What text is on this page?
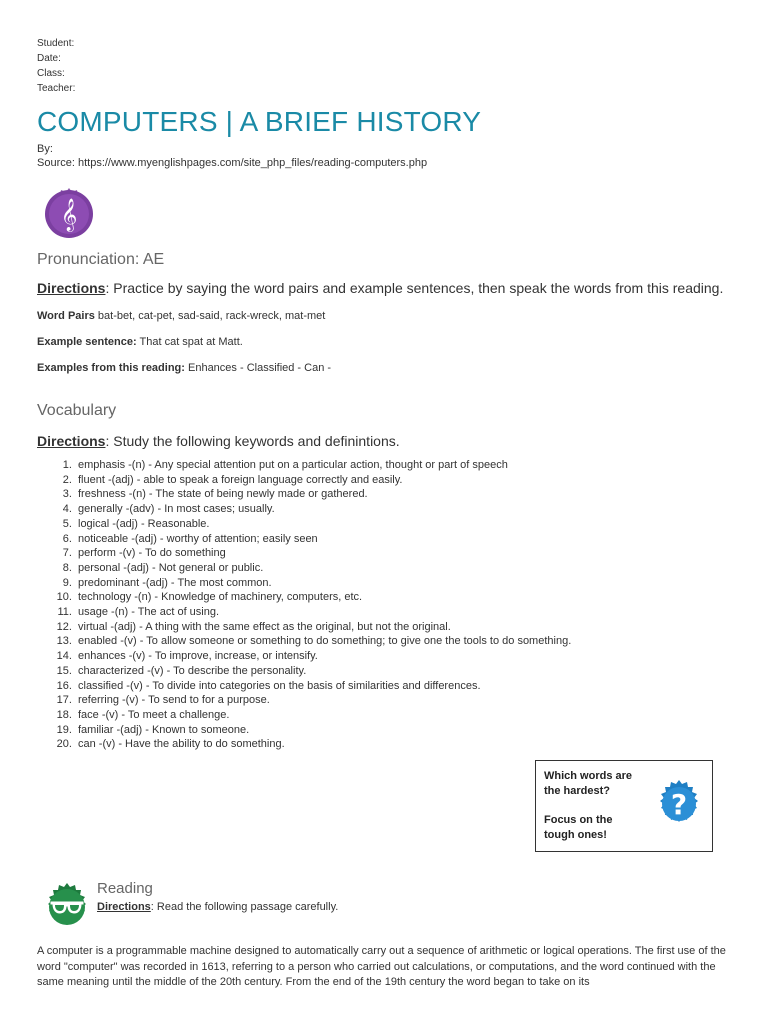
Student:
Date:
Class:
Teacher:
COMPUTERS | A BRIEF HISTORY
By:
Source: https://www.myenglishpages.com/site_php_files/reading-computers.php
𝄞
Pronunciation: AE
Directions: Practice by saying the word pairs and example sentences, then speak the words from this reading.
Word Pairs bat-bet, cat-pet, sad-said, rack-wreck, mat-met
Example sentence: That cat spat at Matt.
Examples from this reading: Enhances - Classified - Can -
Vocabulary
Directions: Study the following keywords and definintions.
1. emphasis -(n) - Any special attention put on a particular action, thought or part of speech
2. fluent -(adj) - able to speak a foreign language correctly and easily.
3. freshness -(n) - The state of being newly made or gathered.
4. generally -(adv) - In most cases; usually.
5. logical -(adj) - Reasonable.
6. noticeable -(adj) - worthy of attention; easily seen
7. perform -(v) - To do something
8. personal -(adj) - Not general or public.
9. predominant -(adj) - The most common.
10. technology -(n) - Knowledge of machinery, computers, etc.
11. usage -(n) - The act of using.
12. virtual -(adj) - A thing with the same effect as the original, but not the original.
13. enabled -(v) - To allow someone or something to do something; to give one the tools to do something.
14. enhances -(v) - To improve, increase, or intensify.
15. characterized -(v) - To describe the personality.
16. classified -(v) - To divide into categories on the basis of similarities and differences.
17. referring -(v) - To send to for a purpose.
18. face -(v) - To meet a challenge.
19. familiar -(adj) - Known to someone.
20. can -(v) - Have the ability to do something.
Which words are the hardest?
Focus on the tough ones!
?
Reading
Directions: Read the following passage carefully.
A computer is a programmable machine designed to automatically carry out a sequence of arithmetic or logical operations. The first use of the word "computer" was recorded in 1613, referring to a person who carried out calculations, or computations, and the word continued with the same meaning until the middle of the 20th century. From the end of the 19th century the word began to take on its
